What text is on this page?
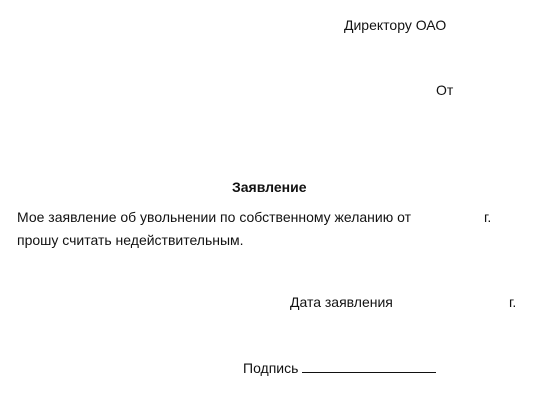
Директору ОАО
От
Заявление
Мое заявление об увольнении по собственному желанию от	г.
прошу считать недействительным.
Дата заявления	г.
Подпись
